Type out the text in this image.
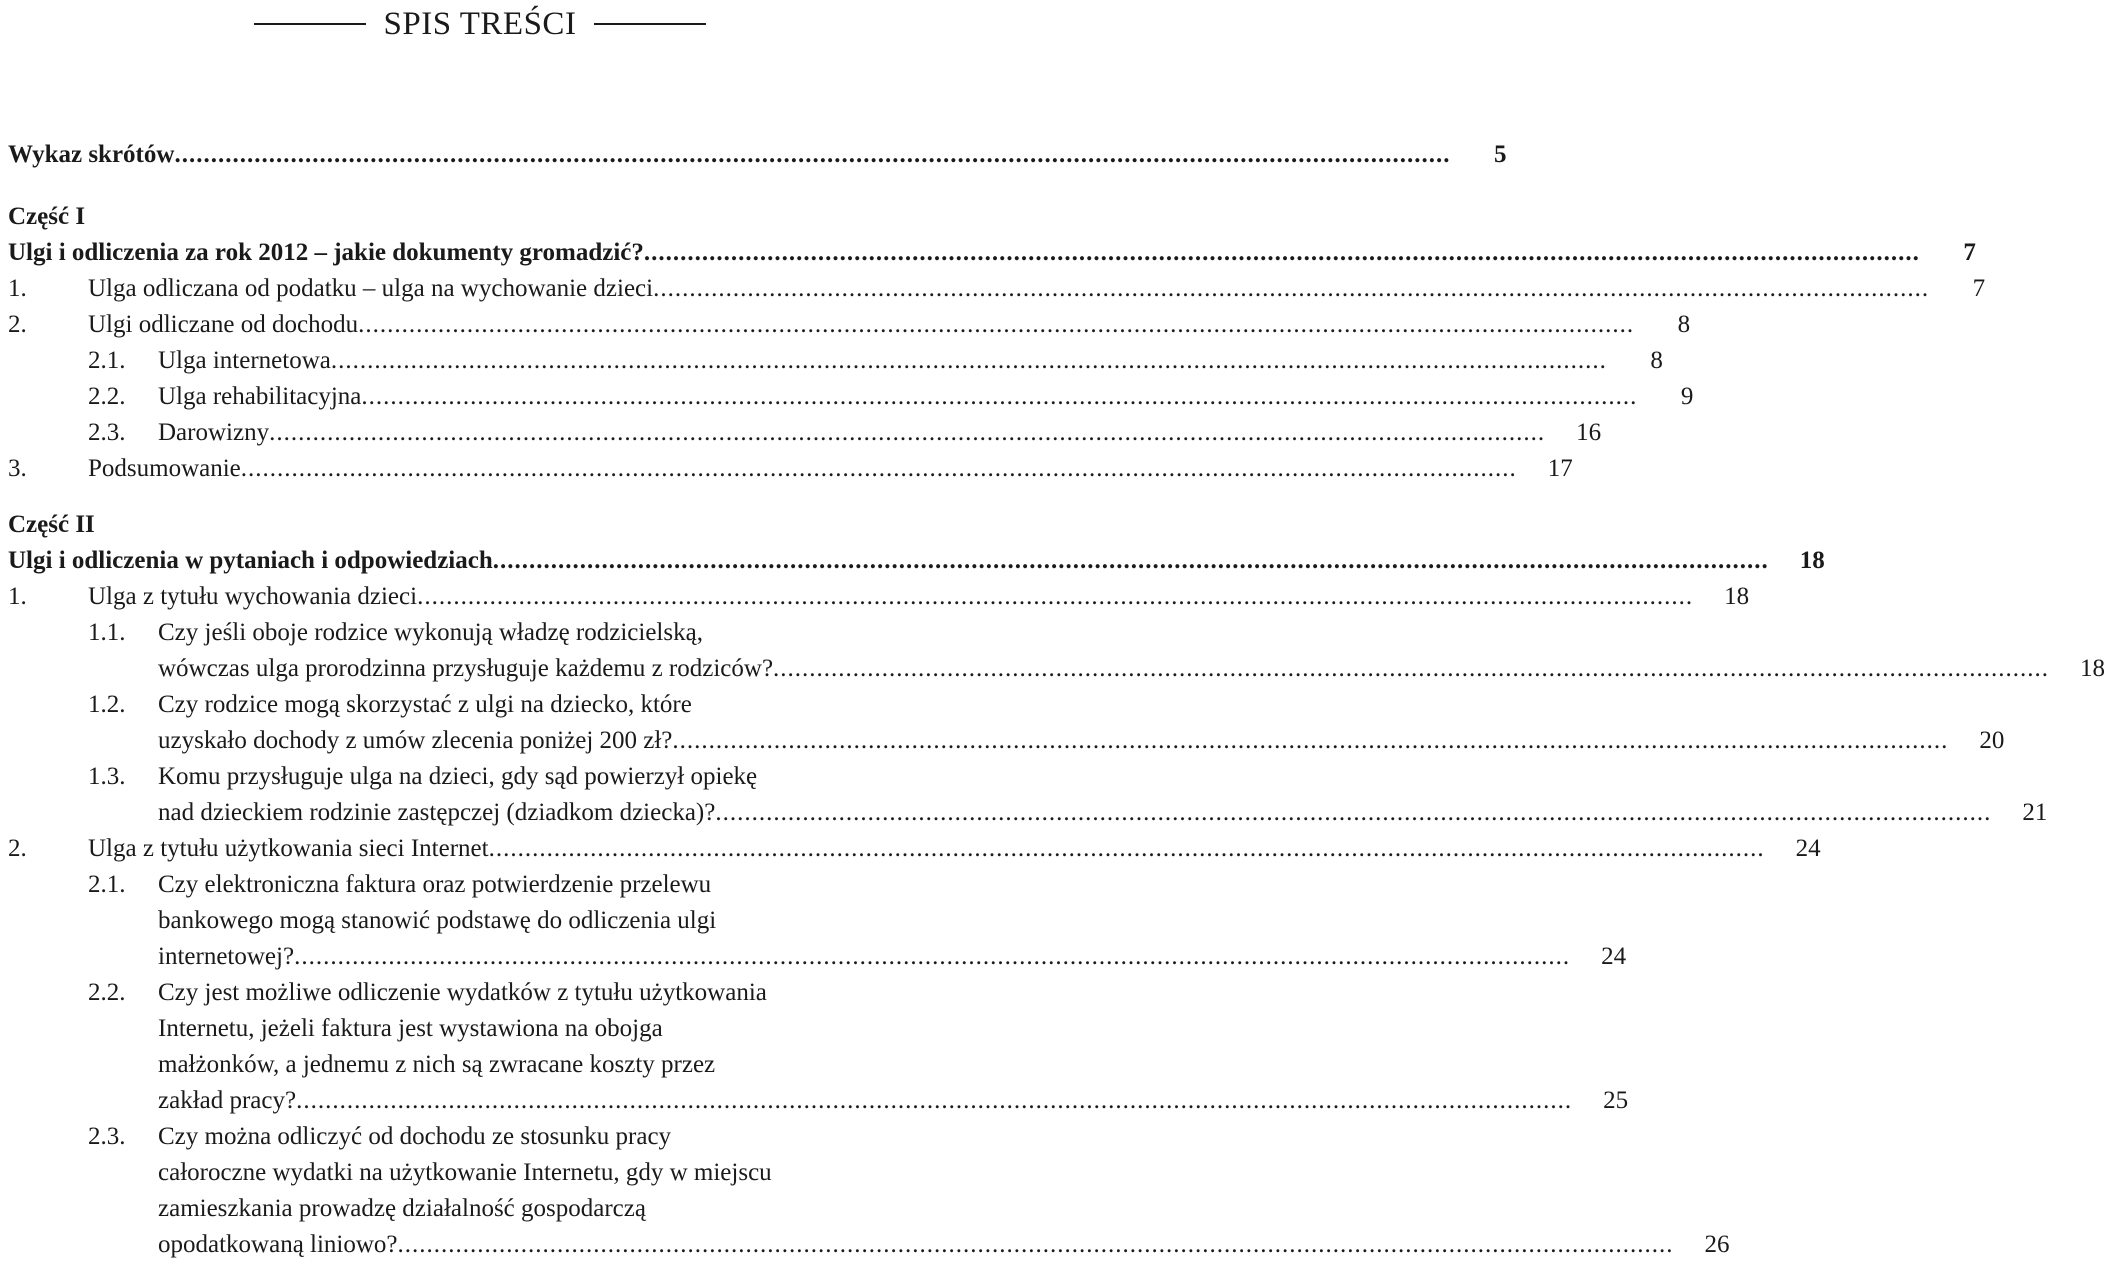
SPIS TREŚCI
Wykaz skrótów .....	5
Część I
Ulgi i odliczenia za rok 2012 – jakie dokumenty gromadzić? .....	7
1.	Ulga odliczana od podatku – ulga na wychowanie dzieci .....	7
2.	Ulgi odliczane od dochodu .....	8
2.1.	Ulga internetowa .....	8
2.2.	Ulga rehabilitacyjna .....	9
2.3.	Darowizny .....	16
3.	Podsumowanie .....	17
Część II
Ulgi i odliczenia w pytaniach i odpowiedziach .....	18
1.	Ulga z tytułu wychowania dzieci .....	18
1.1.	Czy jeśli oboje rodzice wykonują władzę rodzicielską,
wówczas ulga prorodzinna przysługuje każdemu z rodziców? .....	18
1.2.	Czy rodzice mogą skorzystać z ulgi na dziecko, które
uzyskało dochody z umów zlecenia poniżej 200 zł? .....	20
1.3.	Komu przysługuje ulga na dzieci, gdy sąd powierzył opiekę
nad dzieckiem rodzinie zastępczej (dziadkom dziecka)? .....	21
2.	Ulga z tytułu użytkowania sieci Internet .....	24
2.1.	Czy elektroniczna faktura oraz potwierdzenie przelewu
bankowego mogą stanowić podstawę do odliczenia ulgi
internetowej? .....	24
2.2.	Czy jest możliwe odliczenie wydatków z tytułu użytkowania
Internetu, jeżeli faktura jest wystawiona na obojga
małżonków, a jednemu z nich są zwracane koszty przez
zakład pracy? .....	25
2.3.	Czy można odliczyć od dochodu ze stosunku pracy
całoroczne wydatki na użytkowanie Internetu, gdy w miejscu
zamieszkania prowadzę działalność gospodarczą
opodatkowaną liniowo? .....	26
